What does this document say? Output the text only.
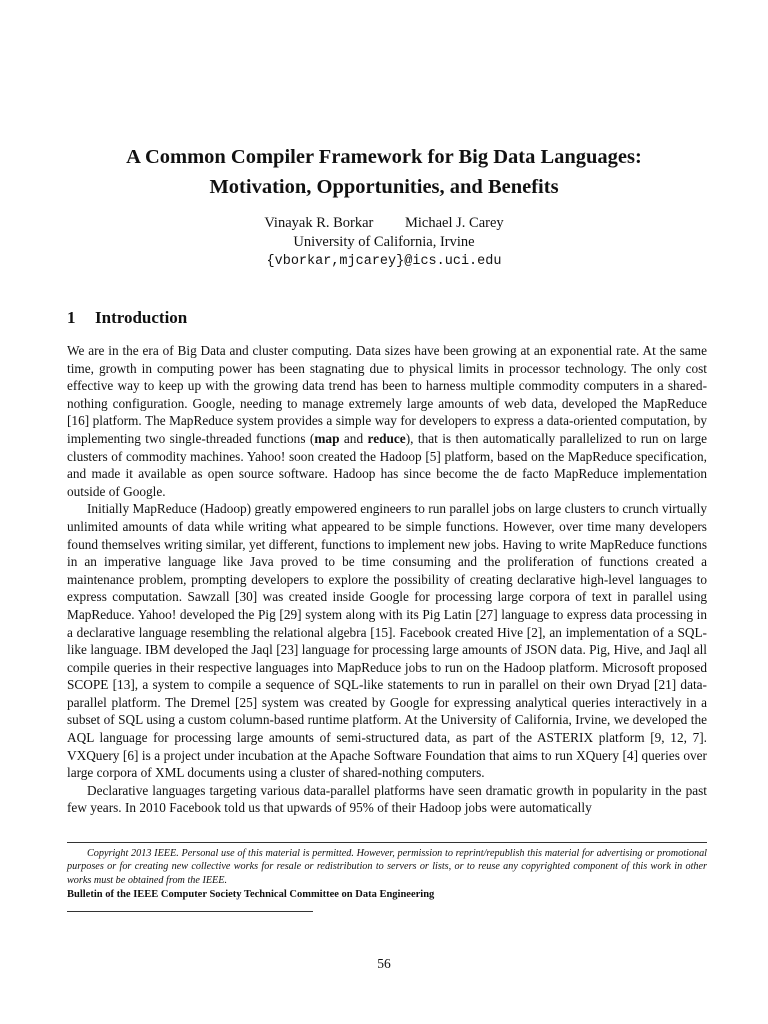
A Common Compiler Framework for Big Data Languages:
Motivation, Opportunities, and Benefits
Vinayak R. Borkar Michael J. Carey
University of California, Irvine
{vborkar,mjcarey}@ics.uci.edu
1 Introduction

We are in the era of Big Data and cluster computing. Data sizes have been growing at an exponential rate. At the same time, growth in computing power has been stagnating due to physical limits in processor technology. The only cost effective way to keep up with the growing data trend has been to harness multiple commodity computers in a shared-nothing configuration. Google, needing to manage extremely large amounts of web data, developed the MapReduce [16] platform. The MapReduce system provides a simple way for developers to express a data-oriented computation, by implementing two single-threaded functions (map and reduce), that is then automatically parallelized to run on large clusters of commodity machines. Yahoo! soon created the Hadoop [5] platform, based on the MapReduce specification, and made it available as open source software. Hadoop has since become the de facto MapReduce implementation outside of Google.

Initially MapReduce (Hadoop) greatly empowered engineers to run parallel jobs on large clusters to crunch virtually unlimited amounts of data while writing what appeared to be simple functions. However, over time many developers found themselves writing similar, yet different, functions to implement new jobs. Having to write MapReduce functions in an imperative language like Java proved to be time consuming and the proliferation of functions created a maintenance problem, prompting developers to explore the possibility of creating declarative high-level languages to express computation. Sawzall [30] was created inside Google for processing large corpora of text in parallel using MapReduce. Yahoo! developed the Pig [29] system along with its Pig Latin [27] language to express data processing in a declarative language resembling the relational algebra [15]. Facebook created Hive [2], an implementation of a SQL-like language. IBM developed the Jaql [23] language for processing large amounts of JSON data. Pig, Hive, and Jaql all compile queries in their respective languages into MapReduce jobs to run on the Hadoop platform. Microsoft proposed SCOPE [13], a system to compile a sequence of SQL-like statements to run in parallel on their own Dryad [21] data-parallel platform. The Dremel [25] system was created by Google for expressing analytical queries interactively in a subset of SQL using a custom column-based runtime platform. At the University of California, Irvine, we developed the AQL language for processing large amounts of semi-structured data, as part of the ASTERIX platform [9, 12, 7]. VXQuery [6] is a project under incubation at the Apache Software Foundation that aims to run XQuery [4] queries over large corpora of XML documents using a cluster of shared-nothing computers.

Declarative languages targeting various data-parallel platforms have seen dramatic growth in popularity in the past few years. In 2010 Facebook told us that upwards of 95% of their Hadoop jobs were automatically

Copyright 2013 IEEE. Personal use of this material is permitted. However, permission to reprint/republish this material for advertising or promotional purposes or for creating new collective works for resale or redistribution to servers or lists, or to reuse any copyrighted component of this work in other works must be obtained from the IEEE.

Bulletin of the IEEE Computer Society Technical Committee on Data Engineering
56
